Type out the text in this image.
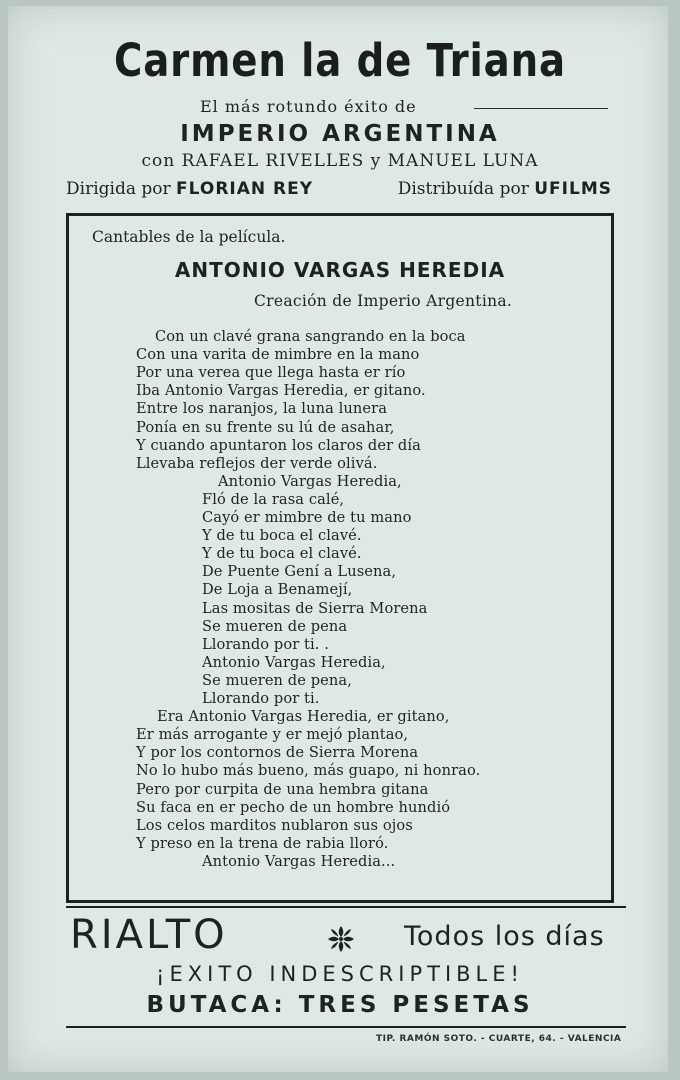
Carmen la de Triana
El más rotundo éxito de
IMPERIO ARGENTINA
con RAFAEL RIVELLES y MANUEL LUNA
Dirigida por FLORIAN REY	Distribuída por UFILMS
Cantables de la película.
ANTONIO VARGAS HEREDIA
Creación de Imperio Argentina.
Con un clavé grana sangrando en la boca
Con una varita de mimbre en la mano
Por una verea que llega hasta er río
Iba Antonio Vargas Heredia, er gitano.
Entre los naranjos, la luna lunera
Ponía en su frente su lú de asahar,
Y cuando apuntaron los claros der día
Llevaba reflejos der verde olivá.
Antonio Vargas Heredia,
Fló de la rasa calé,
Cayó er mimbre de tu mano
Y de tu boca el clavé.
Y de tu boca el clavé.
De Puente Gení a Lusena,
De Loja a Benamejí,
Las mositas de Sierra Morena
Se mueren de pena
Llorando por ti. .
Antonio Vargas Heredia,
Se mueren de pena,
Llorando por ti.
Era Antonio Vargas Heredia, er gitano,
Er más arrogante y er mejó plantao,
Y por los contornos de Sierra Morena
No lo hubo más bueno, más guapo, ni honrao.
Pero por curpita de una hembra gitana
Su faca en er pecho de un hombre hundió
Los celos marditos nublaron sus ojos
Y preso en la trena de rabia lloró.
Antonio Vargas Heredia...
RIALTO	Todos los días
¡EXITO INDESCRIPTIBLE!
BUTACA: TRES PESETAS
TIP. RAMÓN SOTO. - CUARTE, 64. - VALENCIA
